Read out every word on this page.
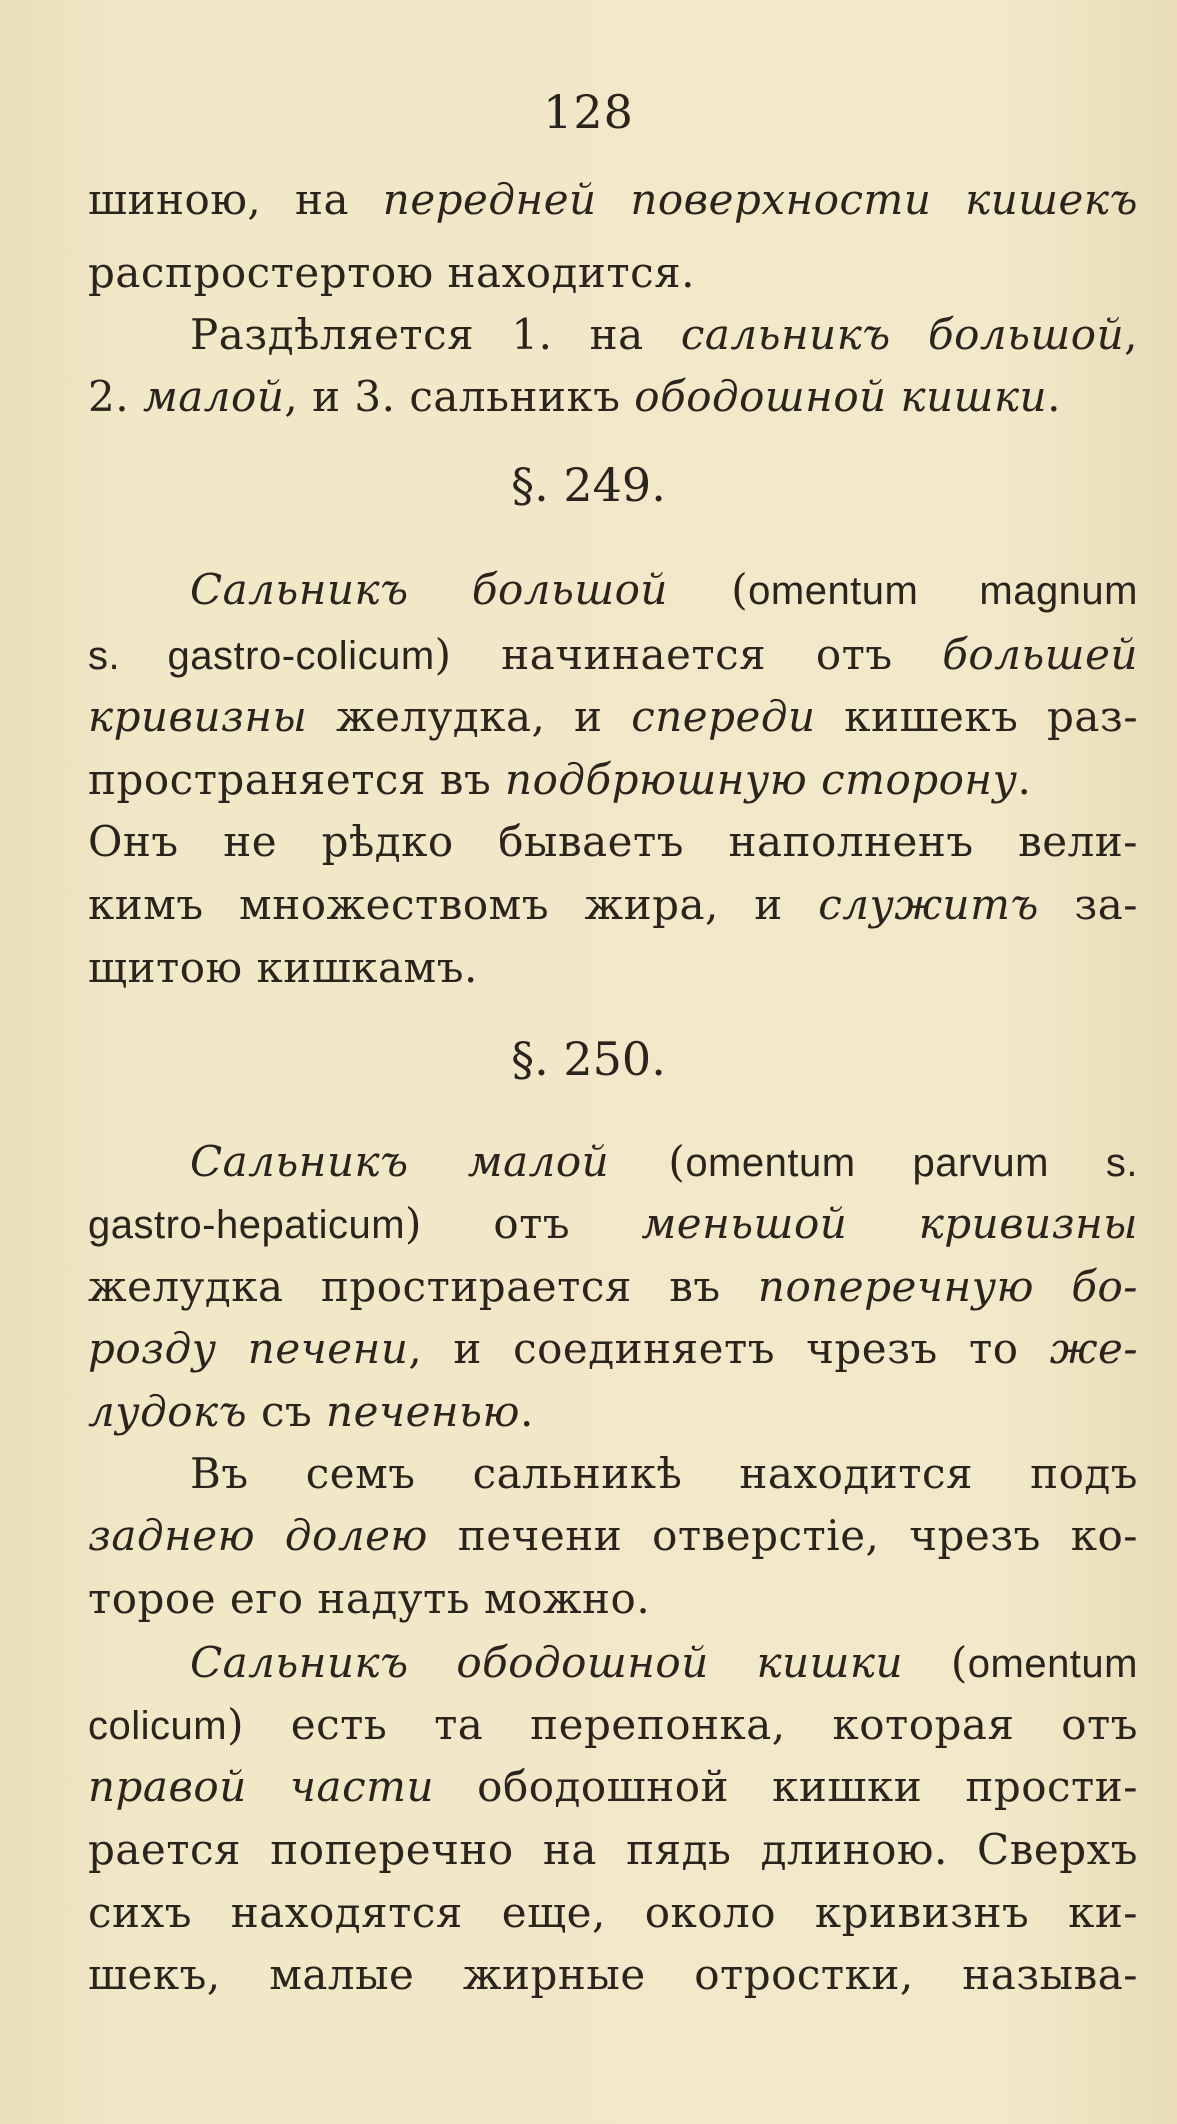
128
шиною, на передней поверхности кишекъ
распростертою находится.
Раздѣляется 1. на сальникъ большой,
2. малой, и 3. сальникъ ободошной кишки.
§. 249.
Сальникъ большой (omentum magnum
s. gastro-colicum) начинается отъ большей
кривизны желудка, и спереди кишекъ раз-
пространяется въ подбрюшную сторону.
Онъ не рѣдко бываетъ наполненъ вели-
кимъ множествомъ жира, и служитъ за-
щитою кишкамъ.
§. 250.
Сальникъ малой (omentum parvum s.
gastro-hepaticum) отъ меньшой кривизны
желудка простирается въ поперечную бо-
розду печени, и соединяетъ чрезъ то же-
лудокъ съ печенью.
Въ семъ сальникѣ находится подъ
заднею долею печени отверстіе, чрезъ ко-
торое его надуть можно.
Сальникъ ободошной кишки (omentum
colicum) есть та перепонка, которая отъ
правой части ободошной кишки прости-
рается поперечно на пядь длиною. Сверхъ
сихъ находятся еще, около кривизнъ ки-
шекъ, малые жирные отростки, называ-
